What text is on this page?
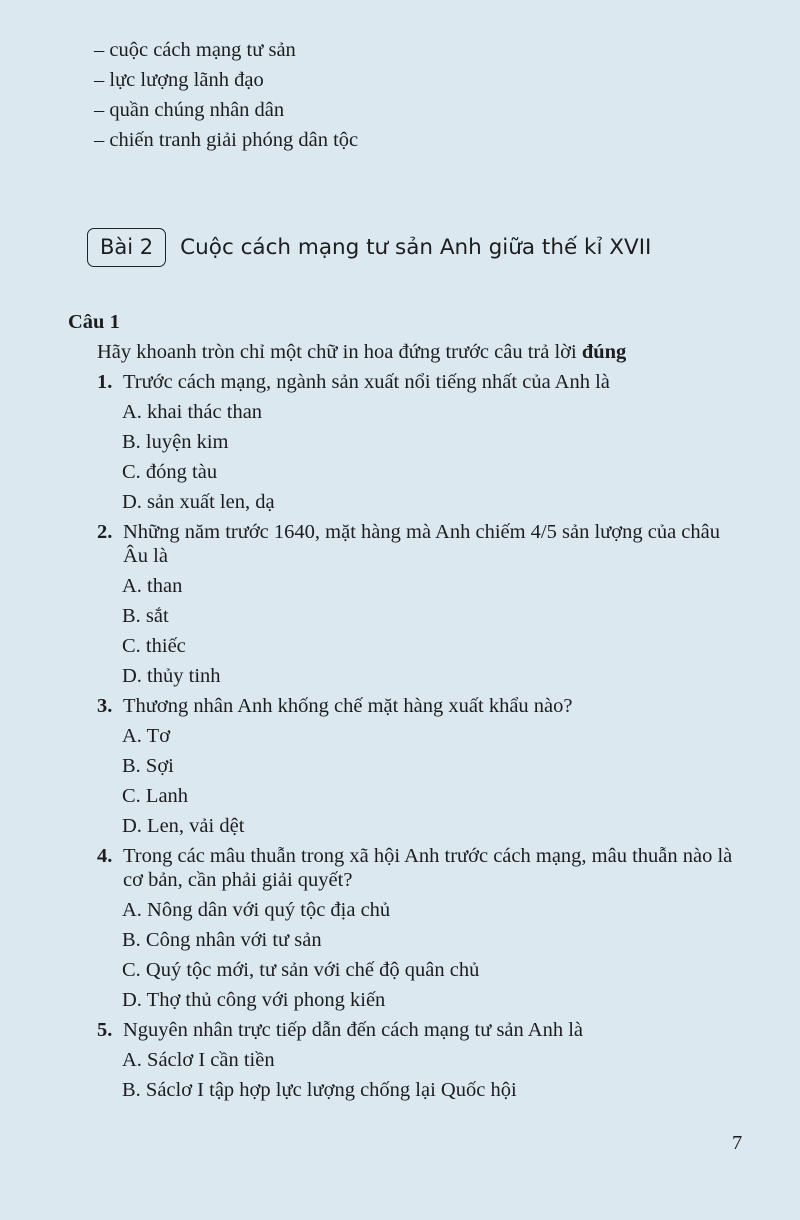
– cuộc cách mạng tư sản
– lực lượng lãnh đạo
– quần chúng nhân dân
– chiến tranh giải phóng dân tộc
Bài 2	Cuộc cách mạng tư sản Anh giữa thế kỉ XVII
Câu 1
Hãy khoanh tròn chỉ một chữ in hoa đứng trước câu trả lời đúng
1. Trước cách mạng, ngành sản xuất nổi tiếng nhất của Anh là
A. khai thác than
B. luyện kim
C. đóng tàu
D. sản xuất len, dạ
2. Những năm trước 1640, mặt hàng mà Anh chiếm 4/5 sản lượng của châu Âu là
A. than
B. sắt
C. thiếc
D. thủy tinh
3. Thương nhân Anh khống chế mặt hàng xuất khẩu nào?
A. Tơ
B. Sợi
C. Lanh
D. Len, vải dệt
4. Trong các mâu thuẫn trong xã hội Anh trước cách mạng, mâu thuẫn nào là cơ bản, cần phải giải quyết?
A. Nông dân với quý tộc địa chủ
B. Công nhân với tư sản
C. Quý tộc mới, tư sản với chế độ quân chủ
D. Thợ thủ công với phong kiến
5. Nguyên nhân trực tiếp dẫn đến cách mạng tư sản Anh là
A. Sáclơ I cần tiền
B. Sáclơ I tập hợp lực lượng chống lại Quốc hội
7
